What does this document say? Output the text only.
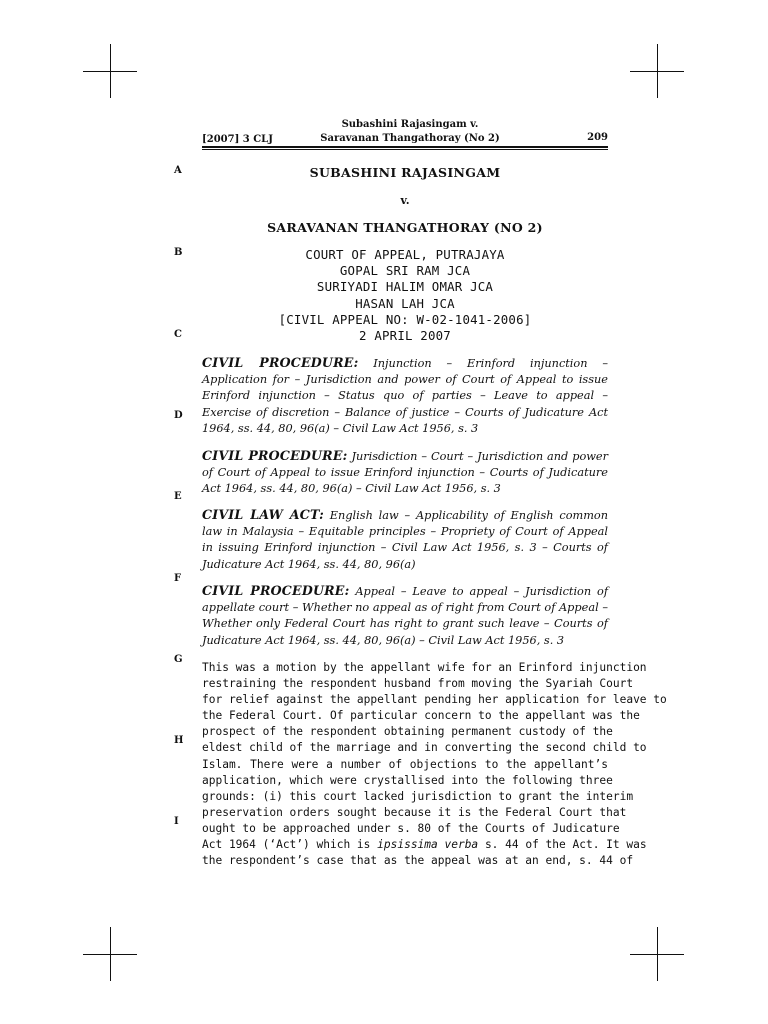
[2007] 3 CLJ
Subashini Rajasingam v.
Saravanan Thangathoray (No 2)	209
A
B
C
D
E
F
G
H
I
SUBASHINI RAJASINGAM
v.
SARAVANAN THANGATHORAY (NO 2)
COURT OF APPEAL, PUTRAJAYA
GOPAL SRI RAM JCA
SURIYADI HALIM OMAR JCA
HASAN LAH JCA
[CIVIL APPEAL NO: W-02-1041-2006]
2 APRIL 2007
CIVIL PROCEDURE: Injunction – Erinford injunction – Application for – Jurisdiction and power of Court of Appeal to issue Erinford injunction – Status quo of parties – Leave to appeal – Exercise of discretion – Balance of justice – Courts of Judicature Act 1964, ss. 44, 80, 96(a) – Civil Law Act 1956, s. 3
CIVIL PROCEDURE: Jurisdiction – Court – Jurisdiction and power of Court of Appeal to issue Erinford injunction – Courts of Judicature Act 1964, ss. 44, 80, 96(a) – Civil Law Act 1956, s. 3
CIVIL LAW ACT: English law – Applicability of English common law in Malaysia – Equitable principles – Propriety of Court of Appeal in issuing Erinford injunction – Civil Law Act 1956, s. 3 – Courts of Judicature Act 1964, ss. 44, 80, 96(a)
CIVIL PROCEDURE: Appeal – Leave to appeal – Jurisdiction of appellate court – Whether no appeal as of right from Court of Appeal – Whether only Federal Court has right to grant such leave – Courts of Judicature Act 1964, ss. 44, 80, 96(a) – Civil Law Act 1956, s. 3
This was a motion by the appellant wife for an Erinford injunction
restraining the respondent husband from moving the Syariah Court
for relief against the appellant pending her application for leave to
the Federal Court. Of particular concern to the appellant was the
prospect of the respondent obtaining permanent custody of the
eldest child of the marriage and in converting the second child to
Islam. There were a number of objections to the appellant’s
application, which were crystallised into the following three
grounds: (i) this court lacked jurisdiction to grant the interim
preservation orders sought because it is the Federal Court that
ought to be approached under s. 80 of the Courts of Judicature
Act 1964 (‘Act’) which is ipsissima verba s. 44 of the Act. It was
the respondent’s case that as the appeal was at an end, s. 44 of
